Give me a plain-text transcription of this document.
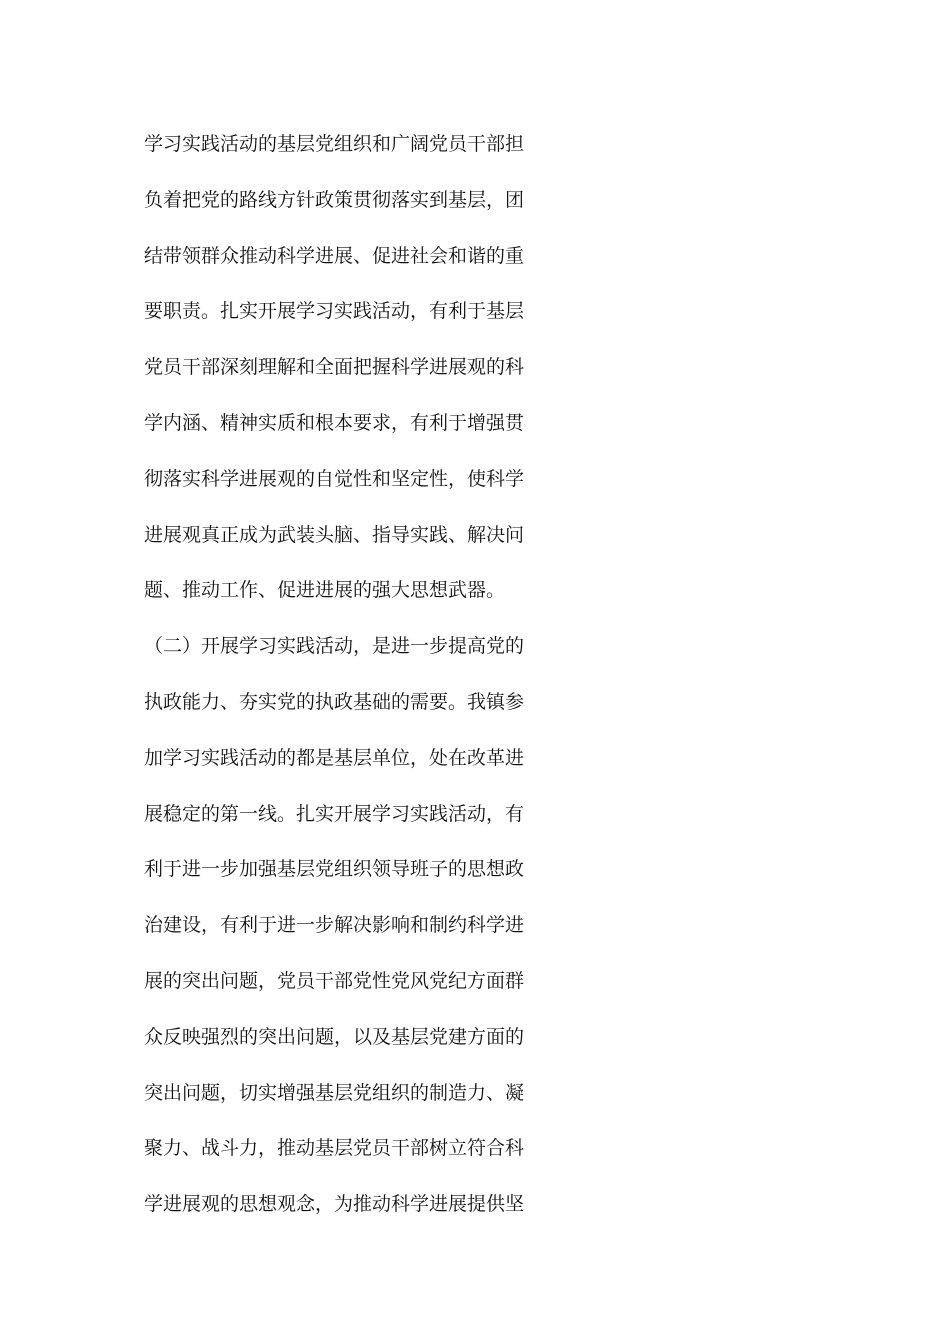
学习实践活动的基层党组织和广阔党员干部担
负着把党的路线方针政策贯彻落实到基层，团
结带领群众推动科学进展、促进社会和谐的重
要职责。扎实开展学习实践活动，有利于基层
党员干部深刻理解和全面把握科学进展观的科
学内涵、精神实质和根本要求，有利于增强贯
彻落实科学进展观的自觉性和坚定性，使科学
进展观真正成为武装头脑、指导实践、解决问
题、推动工作、促进进展的强大思想武器。
（二）开展学习实践活动，是进一步提高党的
执政能力、夯实党的执政基础的需要。我镇参
加学习实践活动的都是基层单位，处在改革进
展稳定的第一线。扎实开展学习实践活动，有
利于进一步加强基层党组织领导班子的思想政
治建设，有利于进一步解决影响和制约科学进
展的突出问题，党员干部党性党风党纪方面群
众反映强烈的突出问题，以及基层党建方面的
突出问题，切实增强基层党组织的制造力、凝
聚力、战斗力，推动基层党员干部树立符合科
学进展观的思想观念，为推动科学进展提供坚
